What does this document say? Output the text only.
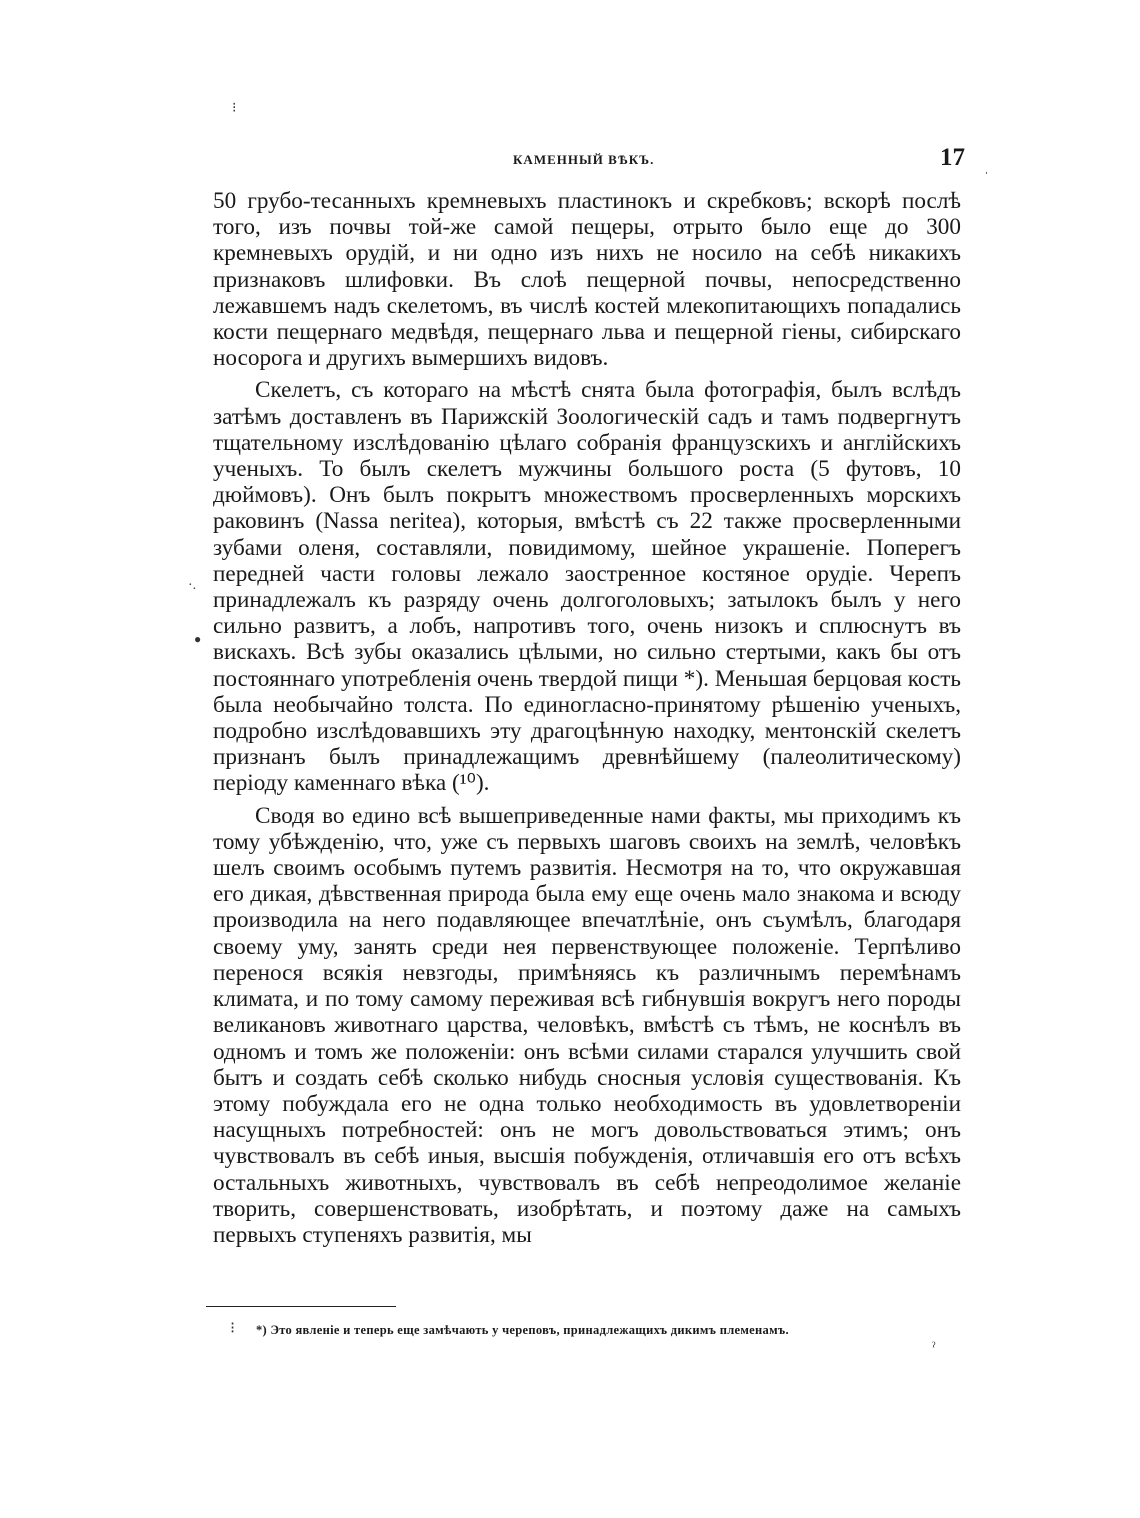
⁝
ˌ
·.
●
⁝
ˀ
КАМЕННЫЙ ВѢКЪ.	17

50 грубо-тесанныхъ кремневыхъ пластинокъ и скребковъ; вскорѣ послѣ того, изъ почвы той-же самой пещеры, отрыто было еще до 300 кремневыхъ орудій, и ни одно изъ нихъ не носило на себѣ никакихъ признаковъ шлифовки. Въ слоѣ пещерной почвы, непосредственно лежавшемъ надъ скелетомъ, въ числѣ костей млекопитающихъ попадались кости пещернаго медвѣдя, пещернаго льва и пещерной гіены, сибирскаго носорога и другихъ вымершихъ видовъ.

Скелетъ, съ котораго на мѣстѣ снята была фотографія, былъ вслѣдъ затѣмъ доставленъ въ Парижскій Зоологическій садъ и тамъ подвергнутъ тщательному изслѣдованію цѣлаго собранія французскихъ и англійскихъ ученыхъ. То былъ скелетъ мужчины большого роста (5 футовъ, 10 дюймовъ). Онъ былъ покрытъ множествомъ просверленныхъ морскихъ раковинъ (Nassa neritea), которыя, вмѣстѣ съ 22 также просверленными зубами оленя, составляли, повидимому, шейное украшеніе. Поперегъ передней части головы лежало заостренное костяное орудіе. Черепъ принадлежалъ къ разряду очень долгоголовыхъ; затылокъ былъ у него сильно развитъ, а лобъ, напротивъ того, очень низокъ и сплюснутъ въ вискахъ. Всѣ зубы оказались цѣлыми, но сильно стертыми, какъ бы отъ постояннаго употребленія очень твердой пищи *). Меньшая берцовая кость была необычайно толста. По единогласно-принятому рѣшенію ученыхъ, подробно изслѣдовавшихъ эту драгоцѣнную находку, ментонскій скелетъ признанъ былъ принадлежащимъ древнѣйшему (палеолитическому) періоду каменнаго вѣка (¹⁰).

Сводя во едино всѣ вышеприведенные нами факты, мы приходимъ къ тому убѣжденію, что, уже съ первыхъ шаговъ своихъ на землѣ, человѣкъ шелъ своимъ особымъ путемъ развитія. Несмотря на то, что окружавшая его дикая, дѣвственная природа была ему еще очень мало знакома и всюду производила на него подавляющее впечатлѣніе, онъ съумѣлъ, благодаря своему уму, занять среди нея первенствующее положеніе. Терпѣливо перенося всякія невзгоды, примѣняясь къ различнымъ перемѣнамъ климата, и по тому самому переживая всѣ гибнувшія вокругъ него породы великановъ животнаго царства, человѣкъ, вмѣстѣ съ тѣмъ, не коснѣлъ въ одномъ и томъ же положеніи: онъ всѣми силами старался улучшить свой бытъ и создать себѣ сколько нибудь сносныя условія существованія. Къ этому побуждала его не одна только необходимость въ удовлетвореніи насущныхъ потребностей: онъ не могъ довольствоваться этимъ; онъ чувствовалъ въ себѣ иныя, высшія побужденія, отличавшія его отъ всѣхъ остальныхъ животныхъ, чувствовалъ въ себѣ непреодолимое желаніе творить, совершенствовать, изобрѣтать, и поэтому даже на самыхъ первыхъ ступеняхъ развитія, мы

*) Это явленіе и теперь еще замѣчають у череповъ, принадлежащихъ дикимъ племенамъ.
